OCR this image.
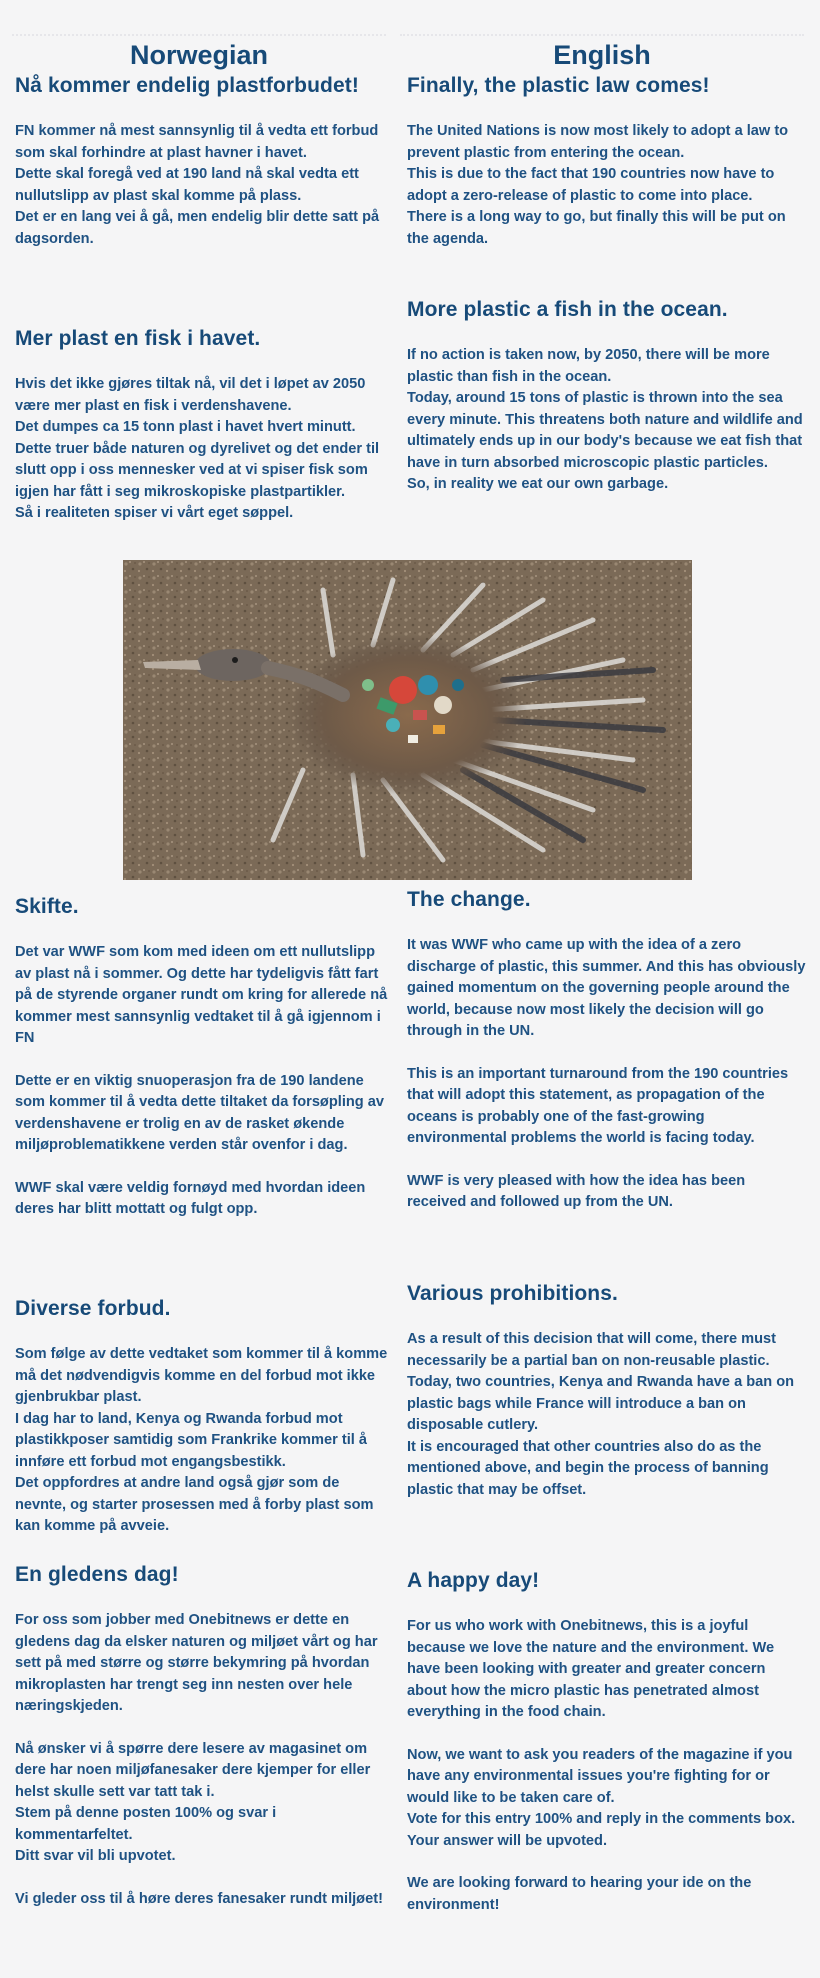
Norwegian	English
Nå kommer endelig plastforbudet!

FN kommer nå mest sannsynlig til å vedta ett forbud som skal forhindre at plast havner i havet.
Dette skal foregå ved at 190 land nå skal vedta ett nullutslipp av plast skal komme på plass.
Det er en lang vei å gå, men endelig blir dette satt på dagsorden.

Mer plast en fisk i havet.

Hvis det ikke gjøres tiltak nå, vil det i løpet av 2050 være mer plast en fisk i verdenshavene.
Det dumpes ca 15 tonn plast i havet hvert minutt. Dette truer både naturen og dyrelivet og det ender til slutt opp i oss mennesker ved at vi spiser fisk som igjen har fått i seg mikroskopiske plastpartikler.
Så i realiteten spiser vi vårt eget søppel.

Skifte.

Det var WWF som kom med ideen om ett nullutslipp av plast nå i sommer. Og dette har tydeligvis fått fart på de styrende organer rundt om kring for allerede nå kommer mest sannsynlig vedtaket til å gå igjennom i FN

Dette er en viktig snuoperasjon fra de 190 landene som kommer til å vedta dette tiltaket da forsøpling av verdenshavene er trolig en av de rasket økende miljøproblematikkene verden står ovenfor i dag.

WWF skal være veldig fornøyd med hvordan ideen deres har blitt mottatt og fulgt opp.

Diverse forbud.

Som følge av dette vedtaket som kommer til å komme må det nødvendigvis komme en del forbud mot ikke gjenbrukbar plast.
I dag har to land, Kenya og Rwanda forbud mot plastikkposer samtidig som Frankrike kommer til å innføre ett forbud mot engangsbestikk.
Det oppfordres at andre land også gjør som de nevnte, og starter prosessen med å forby plast som kan komme på avveie.

En gledens dag!

For oss som jobber med Onebitnews er dette en gledens dag da elsker naturen og miljøet vårt og har sett på med større og større bekymring på hvordan mikroplasten har trengt seg inn nesten over hele næringskjeden.

Nå ønsker vi å spørre dere lesere av magasinet om dere har noen miljøfanesaker dere kjemper for eller helst skulle sett var tatt tak i.
Stem på denne posten 100% og svar i kommentarfeltet.
Ditt svar vil bli upvotet.

Vi gleder oss til å høre deres fanesaker rundt miljøet!

Finally, the plastic law comes!

The United Nations is now most likely to adopt a law to prevent plastic from entering the ocean.
This is due to the fact that 190 countries now have to adopt a zero-release of plastic to come into place.
There is a long way to go, but finally this will be put on the agenda.

More plastic a fish in the ocean.

If no action is taken now, by 2050, there will be more plastic than fish in the ocean.
Today, around 15 tons of plastic is thrown into the sea every minute. This threatens both nature and wildlife and ultimately ends up in our body's because we eat fish that have in turn absorbed microscopic plastic particles.
So, in reality we eat our own garbage.

The change.

It was WWF who came up with the idea of a zero discharge of plastic, this summer. And this has obviously gained momentum on the governing people around the world, because now most likely the decision will go through in the UN.

This is an important turnaround from the 190 countries that will adopt this statement, as propagation of the oceans is probably one of the fast-growing environmental problems the world is facing today.

WWF is very pleased with how the idea has been received and followed up from the UN.

Various prohibitions.

As a result of this decision that will come, there must necessarily be a partial ban on non-reusable plastic.
Today, two countries, Kenya and Rwanda have a ban on plastic bags while France will introduce a ban on disposable cutlery.
It is encouraged that other countries also do as the mentioned above, and begin the process of banning plastic that may be offset.

A happy day!

For us who work with Onebitnews, this is a joyful because we love the nature and the environment. We have been looking with greater and greater concern about how the micro plastic has penetrated almost everything in the food chain.

Now, we want to ask you readers of the magazine if you have any environmental issues you're fighting for or would like to be taken care of.
Vote for this entry 100% and reply in the comments box.
Your answer will be upvoted.

We are looking forward to hearing your ide on the environment!
